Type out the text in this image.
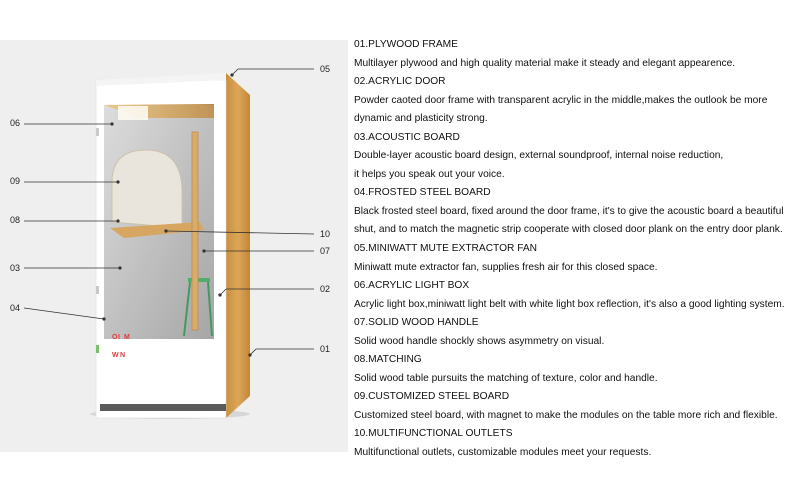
O I M
W N
05
06
09
08
10
07
03
02
04
01
01.PLYWOOD FRAME
Multilayer plywood and high quality material make it steady and elegant appearence.
02.ACRYLIC DOOR
Powder caoted door frame with transparent acrylic in the middle,makes the outlook be more
dynamic and plasticity strong.
03.ACOUSTIC BOARD
Double-layer acoustic board design, external soundproof, internal noise reduction,
it helps you speak out your voice.
04.FROSTED STEEL BOARD
Black frosted steel board, fixed around the door frame, it's to give the acoustic board a beautiful
shut, and to match the magnetic strip cooperate with closed door plank on the entry door plank.
05.MINIWATT MUTE EXTRACTOR FAN
Miniwatt mute extractor fan, supplies fresh air for this closed space.
06.ACRYLIC LIGHT BOX
Acrylic light box,miniwatt light belt with white light box reflection, it's also a good lighting system.
07.SOLID WOOD HANDLE
Solid wood handle shockly shows asymmetry on visual.
08.MATCHING
Solid wood table pursuits the matching of texture, color and handle.
09.CUSTOMIZED STEEL BOARD
Customized steel board, with magnet to make the modules on the table more rich and flexible.
10.MULTIFUNCTIONAL OUTLETS
Multifunctional outlets, customizable modules meet your requests.
